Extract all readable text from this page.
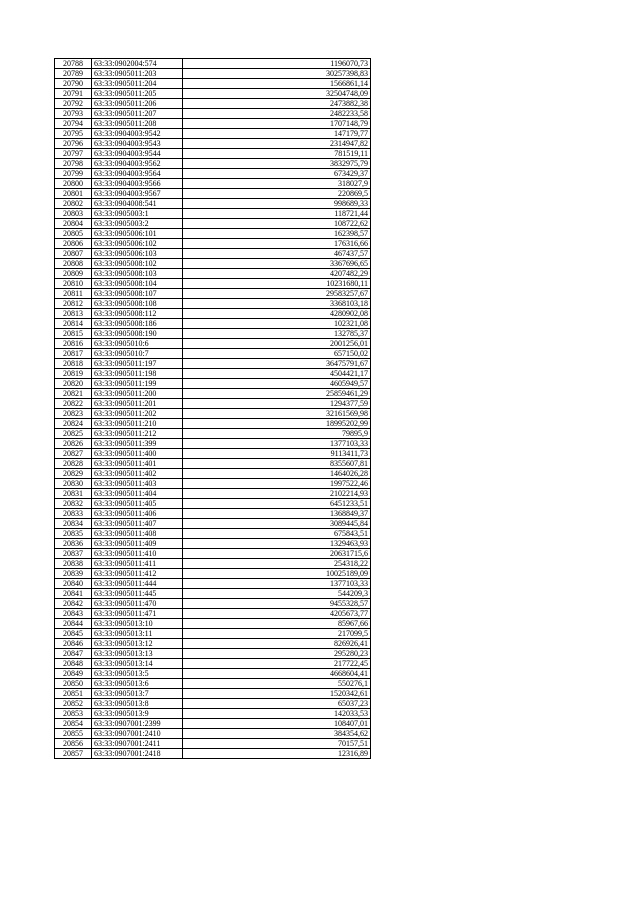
20788	63:33:0902004:574	1196070,73
20789	63:33:0905011:203	30257398,83
20790	63:33:0905011:204	1566861,14
20791	63:33:0905011:205	32504748,09
20792	63:33:0905011:206	2473882,38
20793	63:33:0905011:207	2482233,58
20794	63:33:0905011:208	1707148,79
20795	63:33:0904003:9542	147179,77
20796	63:33:0904003:9543	2314947,82
20797	63:33:0904003:9544	781519,11
20798	63:33:0904003:9562	3832975,79
20799	63:33:0904003:9564	673429,37
20800	63:33:0904003:9566	318027,9
20801	63:33:0904003:9567	220869,5
20802	63:33:0904008:541	998689,33
20803	63:33:0905003:1	118721,44
20804	63:33:0905003:2	108722,62
20805	63:33:0905006:101	162398,57
20806	63:33:0905006:102	176316,66
20807	63:33:0905006:103	467437,57
20808	63:33:0905008:102	3367696,65
20809	63:33:0905008:103	4207482,29
20810	63:33:0905008:104	10231680,11
20811	63:33:0905008:107	29583257,67
20812	63:33:0905008:108	3368103,18
20813	63:33:0905008:112	4280902,08
20814	63:33:0905008:186	102321,08
20815	63:33:0905008:190	132785,37
20816	63:33:0905010:6	2001256,01
20817	63:33:0905010:7	657150,02
20818	63:33:0905011:197	36475791,67
20819	63:33:0905011:198	4504421,17
20820	63:33:0905011:199	4605949,57
20821	63:33:0905011:200	25859461,29
20822	63:33:0905011:201	1294377,59
20823	63:33:0905011:202	32161569,98
20824	63:33:0905011:210	18995202,99
20825	63:33:0905011:212	79895,9
20826	63:33:0905011:399	1377103,33
20827	63:33:0905011:400	9113411,73
20828	63:33:0905011:401	8355607,81
20829	63:33:0905011:402	1464026,28
20830	63:33:0905011:403	1997522,46
20831	63:33:0905011:404	2102214,93
20832	63:33:0905011:405	6451233,51
20833	63:33:0905011:406	1368849,37
20834	63:33:0905011:407	3089445,84
20835	63:33:0905011:408	675843,51
20836	63:33:0905011:409	1329463,93
20837	63:33:0905011:410	20631715,6
20838	63:33:0905011:411	254318,22
20839	63:33:0905011:412	10025189,09
20840	63:33:0905011:444	1377103,33
20841	63:33:0905011:445	544209,3
20842	63:33:0905011:470	9455328,57
20843	63:33:0905011:471	4205673,77
20844	63:33:0905013:10	85967,66
20845	63:33:0905013:11	217099,5
20846	63:33:0905013:12	826926,41
20847	63:33:0905013:13	295280,23
20848	63:33:0905013:14	217722,45
20849	63:33:0905013:5	4668604,41
20850	63:33:0905013:6	550276,1
20851	63:33:0905013:7	1520342,61
20852	63:33:0905013:8	65037,23
20853	63:33:0905013:9	142033,53
20854	63:33:0907001:2399	108407,01
20855	63:33:0907001:2410	384354,62
20856	63:33:0907001:2411	70157,51
20857	63:33:0907001:2418	12316,89
